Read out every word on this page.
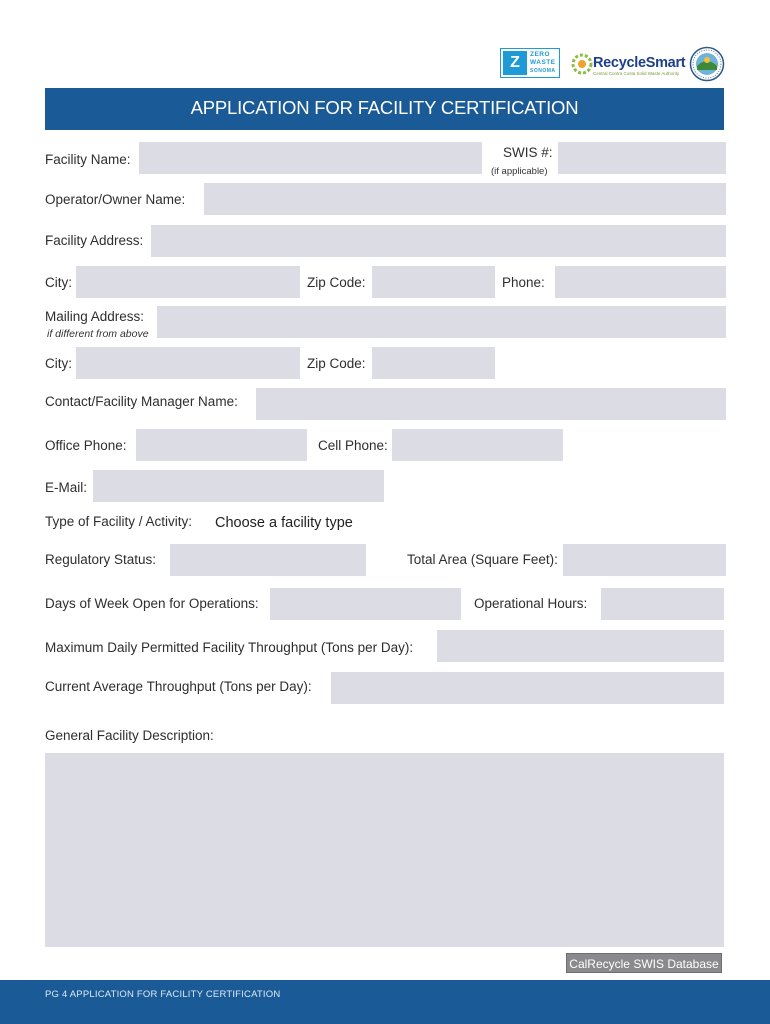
Z	ZERO
WASTE
SONOMA	RecycleSmart
Central Contra Costa Solid Waste Authority
APPLICATION FOR FACILITY CERTIFICATION
Facility Name:	SWIS #:
(if applicable)
Operator/Owner Name:
Facility Address:
City:	Zip Code:	Phone:
Mailing Address:
if different from above
City:	Zip Code:
Contact/Facility Manager Name:
Office Phone:	Cell Phone:
E-Mail:
Type of Facility / Activity: Choose a facility type
Regulatory Status:	Total Area (Square Feet):
Days of Week Open for Operations:	Operational Hours:
Maximum Daily Permitted Facility Throughput (Tons per Day):
Current Average Throughput (Tons per Day):
General Facility Description:
CalRecycle SWIS Database
PG 4 APPLICATION FOR FACILITY CERTIFICATION
